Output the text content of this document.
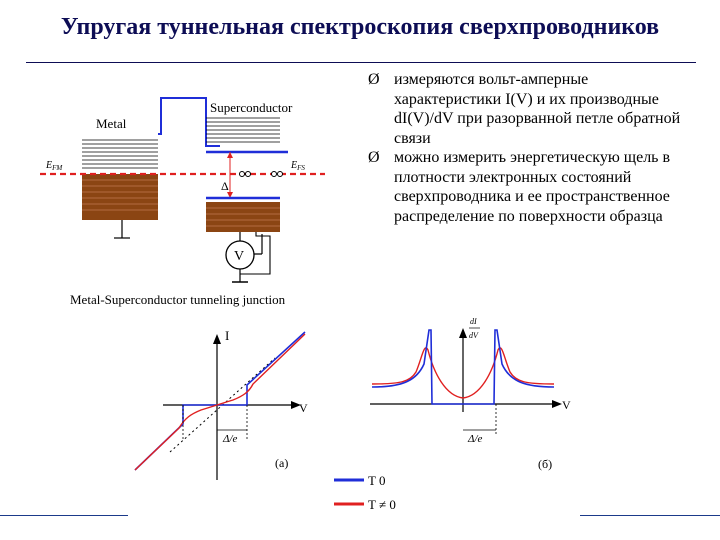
Упругая туннельная спектроскопия сверхпроводников
Ø измеряются вольт-амперные характеристики I(V) и их производные dI(V)/dV при разорванной петле обратной связи
Ø можно измерить энергетическую щель в плотности электронных состояний сверхпроводника и ее пространственное распределение по поверхности образца
Metal
$E_{FM}$	$E_{FS}$
Superconductor
Δ
V
Metal-Superconductor tunneling junction
I
V
Δ/e
(а)
dI
dV
V
Δ/e
(б)
T 0
T ≠ 0
